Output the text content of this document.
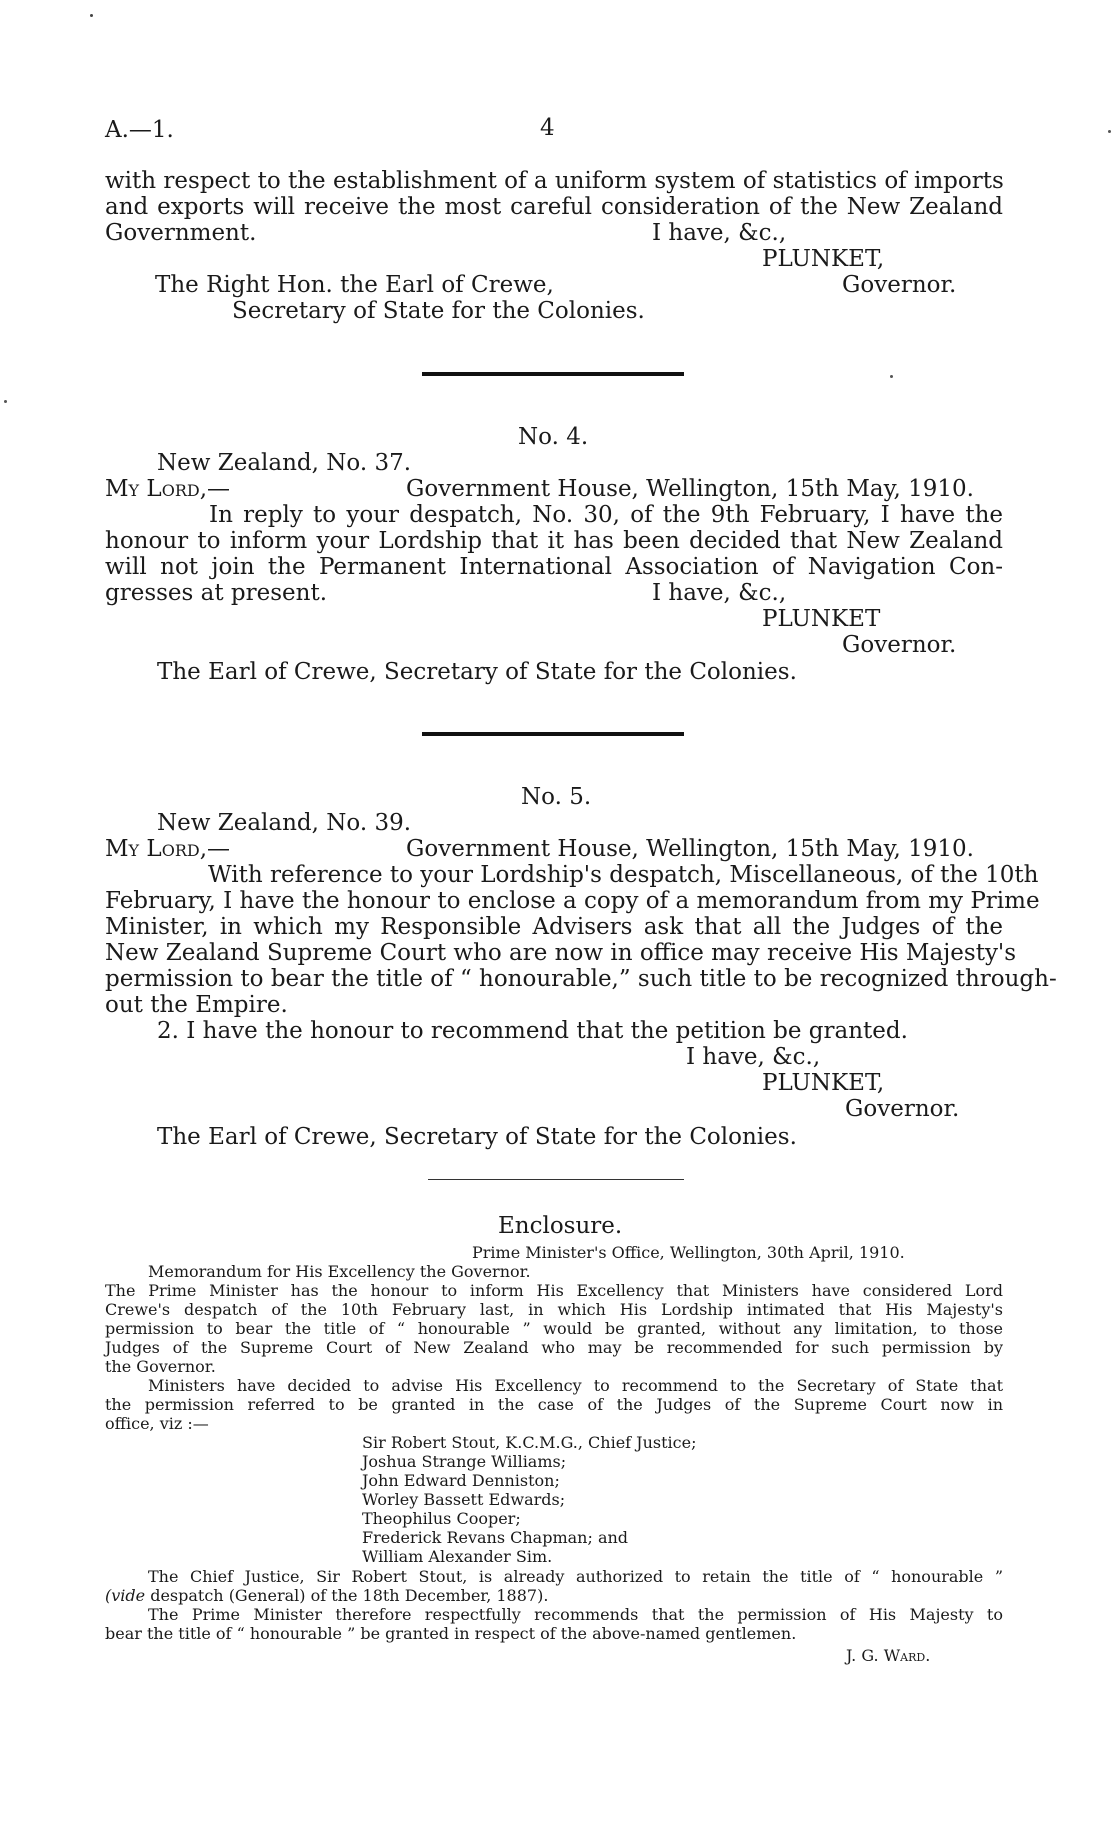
A.—1.	4
with respect to the establishment of a uniform system of statistics of imports
and exports will receive the most careful consideration of the New Zealand
Government.	I have, &c.,
PLUNKET,
Governor.
The Right Hon. the Earl of Crewe,
Secretary of State for the Colonies.
No. 4.
New Zealand, No. 37.
My Lord,—	Government House, Wellington, 15th May, 1910.
In reply to your despatch, No. 30, of the 9th February, I have the
honour to inform your Lordship that it has been decided that New Zealand
will not join the Permanent International Association of Navigation Con-
gresses at present.	I have, &c.,
PLUNKET
Governor.
The Earl of Crewe, Secretary of State for the Colonies.
No. 5.
New Zealand, No. 39.
My Lord,—	Government House, Wellington, 15th May, 1910.
With reference to your Lordship's despatch, Miscellaneous, of the 10th
February, I have the honour to enclose a copy of a memorandum from my Prime
Minister, in which my Responsible Advisers ask that all the Judges of the
New Zealand Supreme Court who are now in office may receive His Majesty's
permission to bear the title of “ honourable,” such title to be recognized through-
out the Empire.
2. I have the honour to recommend that the petition be granted.
I have, &c.,
PLUNKET,
Governor.
The Earl of Crewe, Secretary of State for the Colonies.
Enclosure.
Prime Minister's Office, Wellington, 30th April, 1910.
Memorandum for His Excellency the Governor.
The Prime Minister has the honour to inform His Excellency that Ministers have considered Lord
Crewe's despatch of the 10th February last, in which His Lordship intimated that His Majesty's
permission to bear the title of “ honourable ” would be granted, without any limitation, to those
Judges of the Supreme Court of New Zealand who may be recommended for such permission by
the Governor.
Ministers have decided to advise His Excellency to recommend to the Secretary of State that
the permission referred to be granted in the case of the Judges of the Supreme Court now in
office, viz :—
Sir Robert Stout, K.C.M.G., Chief Justice;
Joshua Strange Williams;
John Edward Denniston;
Worley Bassett Edwards;
Theophilus Cooper;
Frederick Revans Chapman; and
William Alexander Sim.
The Chief Justice, Sir Robert Stout, is already authorized to retain the title of “ honourable ”
(vide despatch (General) of the 18th December, 1887).
The Prime Minister therefore respectfully recommends that the permission of His Majesty to
bear the title of “ honourable ” be granted in respect of the above-named gentlemen.
J. G. Ward.
